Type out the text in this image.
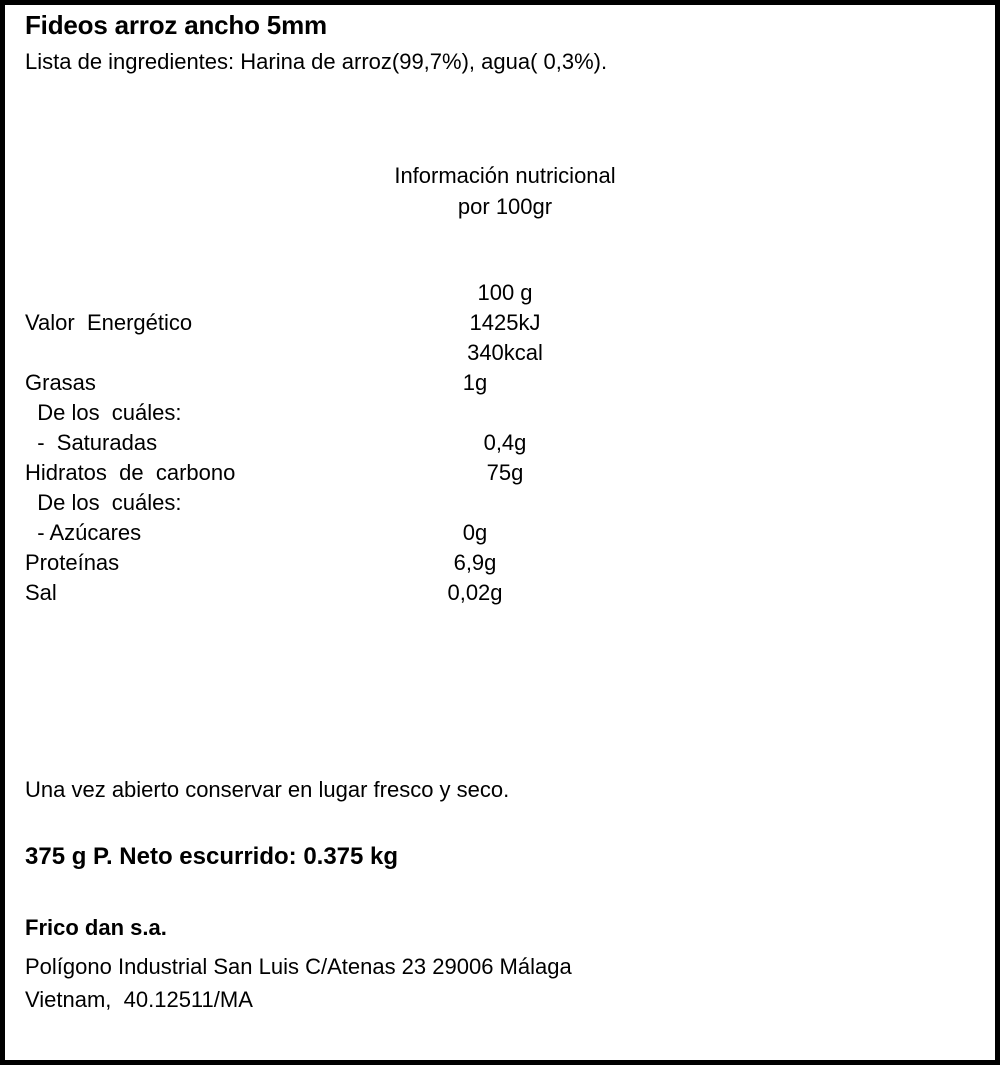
Fideos arroz ancho 5mm
Lista de ingredientes: Harina de arroz(99,7%), agua( 0,3%).
Información nutricional
por 100gr
100 g
Valor  Energético	1425kJ
340kcal
Grasas	1g
De los  cuáles:
-  Saturadas	0,4g
Hidratos  de  carbono	75g
De los  cuáles:
- Azúcares	0g
Proteínas	6,9g
Sal	0,02g
Una vez abierto conservar en lugar fresco y seco.
375 g P. Neto escurrido: 0.375 kg
Frico dan s.a.
Polígono Industrial San Luis C/Atenas 23 29006 Málaga
Vietnam,  40.12511/MA
